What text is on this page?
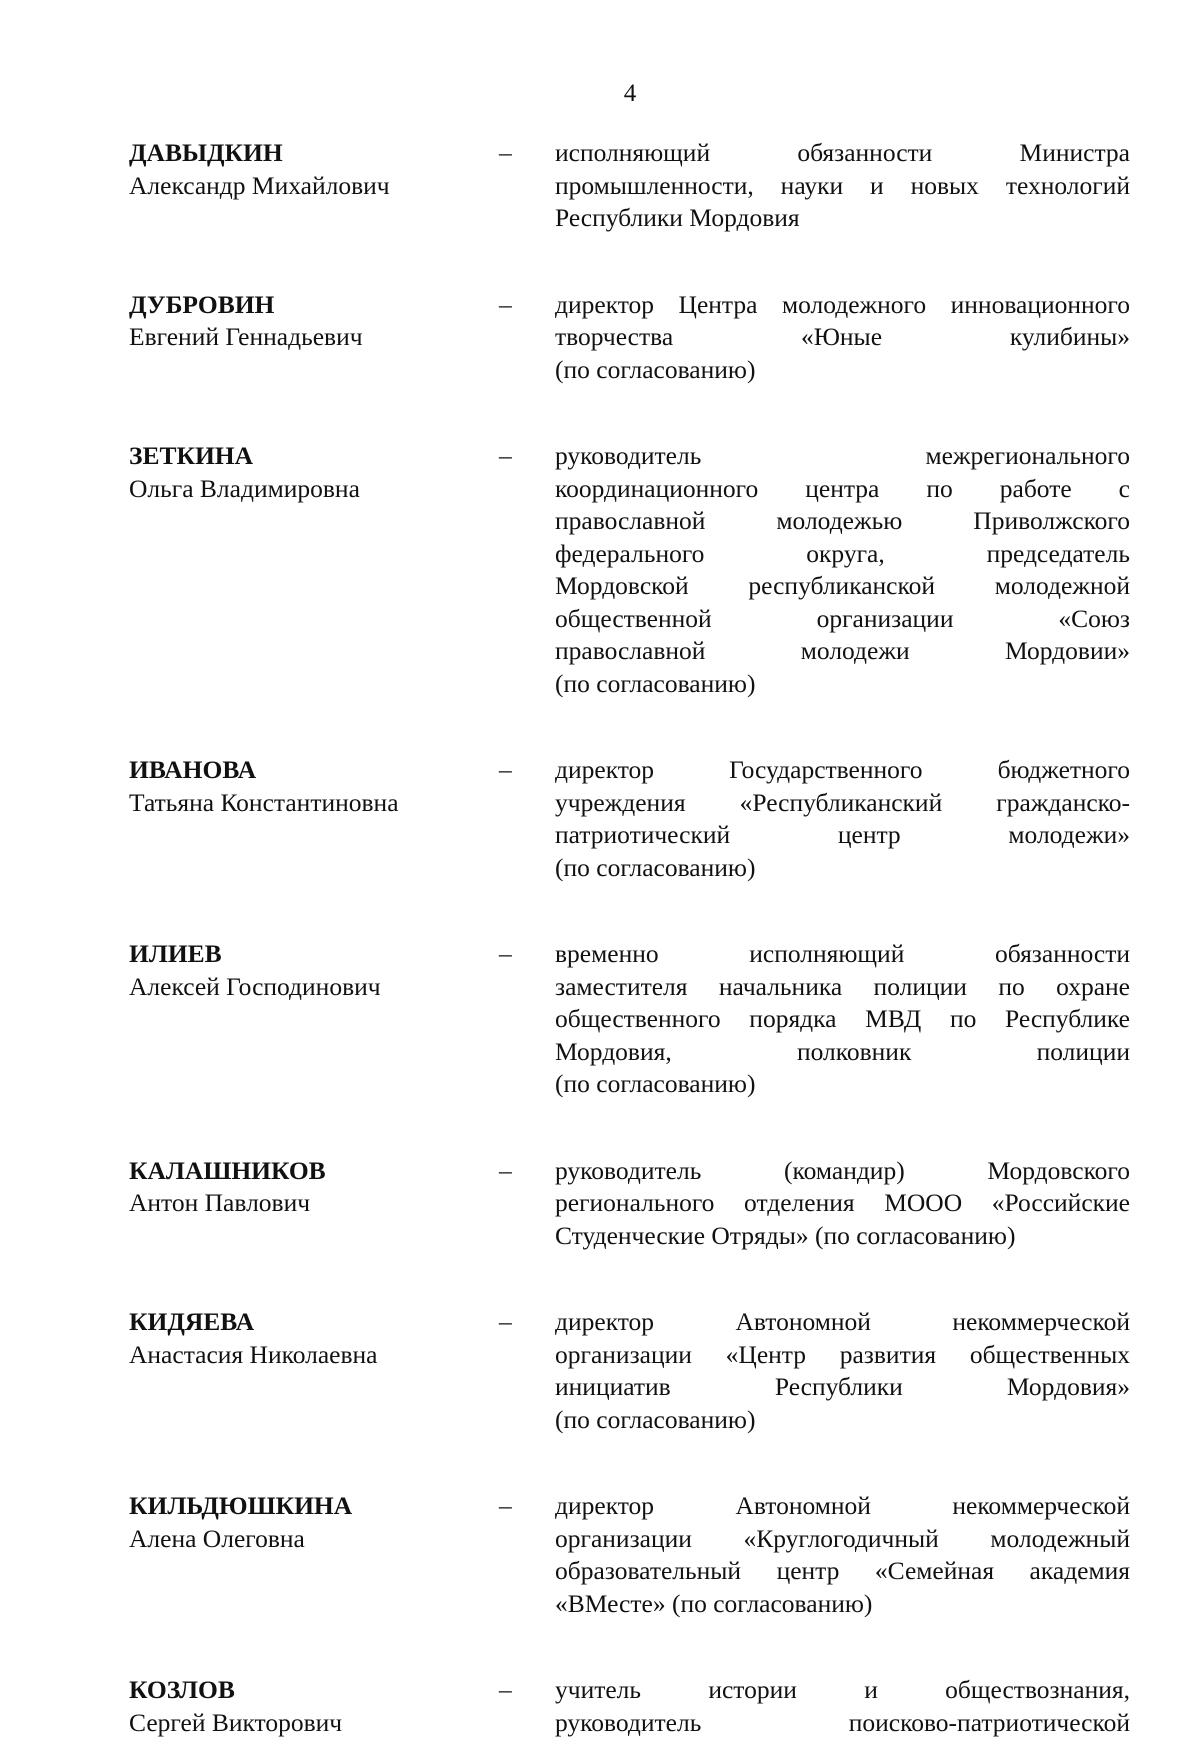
4
ДАВЫДКИН
Александр Михайлович
–	исполняющий обязанности Министра
промышленности, науки и новых технологий
Республики Мордовия
ДУБРОВИН
Евгений Геннадьевич
–	директор Центра молодежного инновационного
творчества «Юные кулибины»
(по согласованию)
ЗЕТКИНА
Ольга Владимировна
–	руководитель межрегионального
координационного центра по работе с
православной молодежью Приволжского
федерального округа, председатель
Мордовской республиканской молодежной
общественной организации «Союз
православной молодежи Мордовии»
(по согласованию)
ИВАНОВА
Татьяна Константиновна
–	директор Государственного бюджетного
учреждения «Республиканский гражданско-
патриотический центр молодежи»
(по согласованию)
ИЛИЕВ
Алексей Господинович
–	временно исполняющий обязанности
заместителя начальника полиции по охране
общественного порядка МВД по Республике
Мордовия, полковник полиции
(по согласованию)
КАЛАШНИКОВ
Антон Павлович
–	руководитель (командир) Мордовского
регионального отделения МООО «Российские
Студенческие Отряды» (по согласованию)
КИДЯЕВА
Анастасия Николаевна
–	директор Автономной некоммерческой
организации «Центр развития общественных
инициатив Республики Мордовия»
(по согласованию)
КИЛЬДЮШКИНА
Алена Олеговна
–	директор Автономной некоммерческой
организации «Круглогодичный молодежный
образовательный центр «Семейная академия
«ВМесте» (по согласованию)
КОЗЛОВ
Сергей Викторович
–	учитель истории и обществознания,
руководитель поисково-патриотической
